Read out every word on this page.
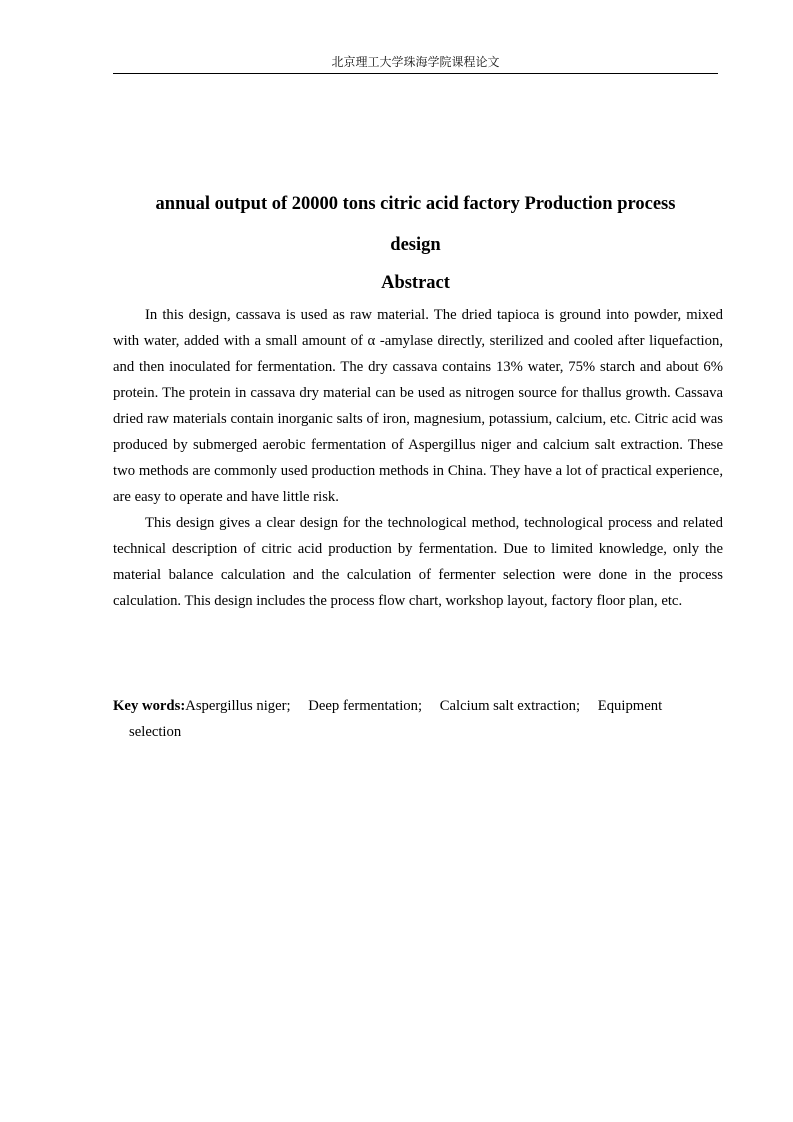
北京理工大学珠海学院课程论文
annual output of 20000 tons citric acid factory Production process
design
Abstract

In this design, cassava is used as raw material. The dried tapioca is ground into powder, mixed with water, added with a small amount of α -amylase directly, sterilized and cooled after liquefaction, and then inoculated for fermentation. The dry cassava contains 13% water, 75% starch and about 6% protein. The protein in cassava dry material can be used as nitrogen source for thallus growth. Cassava dried raw materials contain inorganic salts of iron, magnesium, potassium, calcium, etc. Citric acid was produced by submerged aerobic fermentation of Aspergillus niger and calcium salt extraction. These two methods are commonly used production methods in China. They have a lot of practical experience, are easy to operate and have little risk.

This design gives a clear design for the technological method, technological process and related technical description of citric acid production by fermentation. Due to limited knowledge, only the material balance calculation and the calculation of fermenter selection were done in the process calculation. This design includes the process flow chart, workshop layout, factory floor plan, etc.

Key words:Aspergillus niger; Deep fermentation; Calcium salt extraction; Equipment selection
